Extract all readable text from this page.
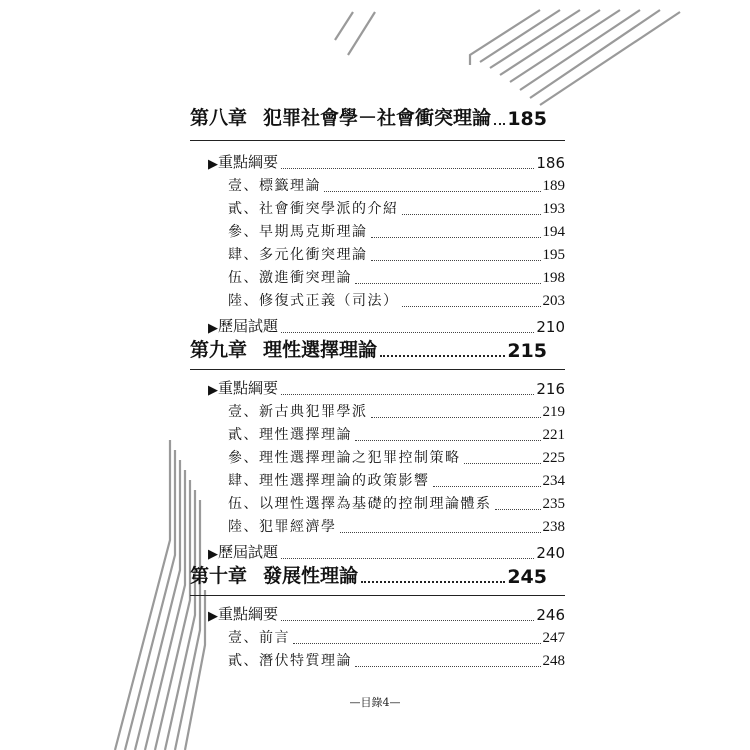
第八章 犯罪社會學－社會衝突理論 185
▶ 重點綱要	186
壹、標籤理論	189
貳、社會衝突學派的介紹	193
參、早期馬克斯理論	194
肆、多元化衝突理論	195
伍、激進衝突理論	198
陸、修復式正義（司法）	203
▶ 歷屆試題	210
第九章 理性選擇理論	215
▶ 重點綱要	216
壹、新古典犯罪學派	219
貳、理性選擇理論	221
參、理性選擇理論之犯罪控制策略	225
肆、理性選擇理論的政策影響	234
伍、以理性選擇為基礎的控制理論體系	235
陸、犯罪經濟學	238
▶ 歷屆試題	240
第十章 發展性理論	245
▶ 重點綱要	246
壹、前言	247
貳、潛伏特質理論	248
—目錄4—
